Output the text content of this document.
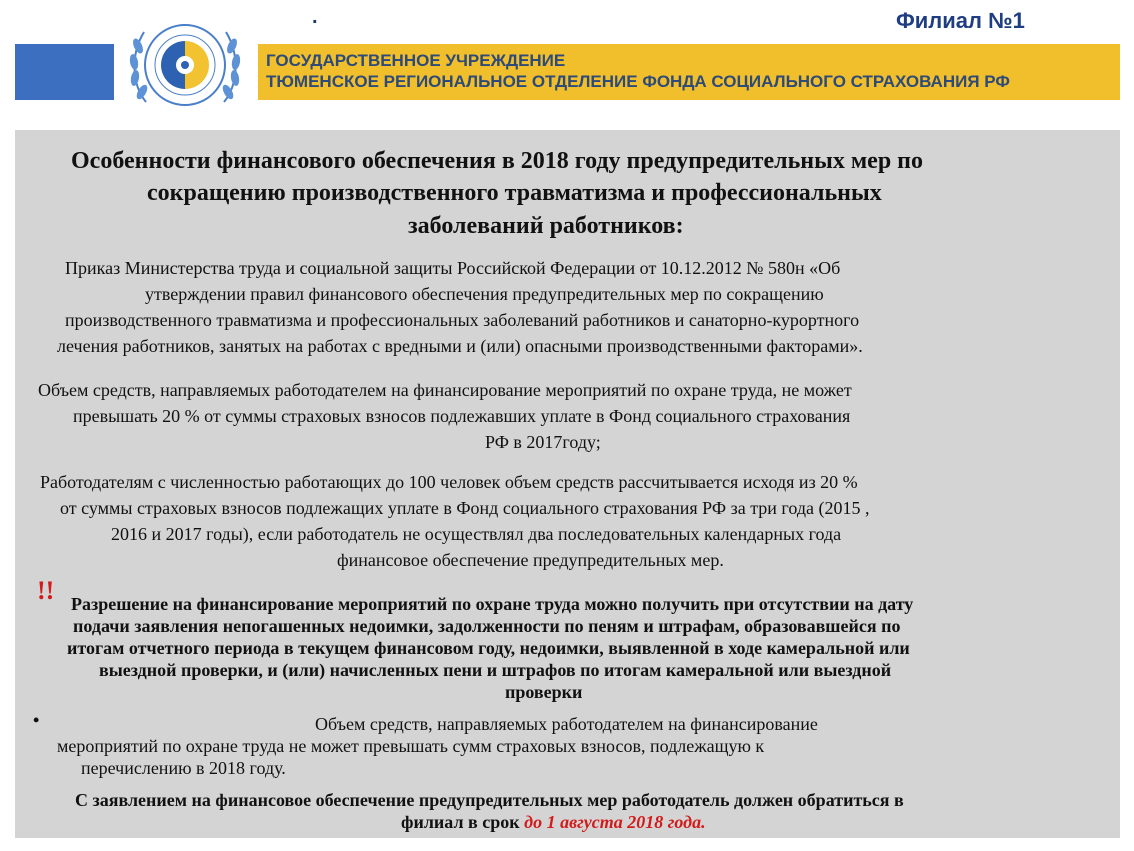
.	Филиал №1
ГОСУДАРСТВЕННОЕ УЧРЕЖДЕНИЕ
ТЮМЕНСКОЕ РЕГИОНАЛЬНОЕ ОТДЕЛЕНИЕ ФОНДА СОЦИАЛЬНОГО СТРАХОВАНИЯ РФ

Особенности финансового обеспечения в 2018 году предупредительных мер по

сокращению производственного травматизма и профессиональных

заболеваний работников:

Приказ Министерства труда и социальной защиты Российской Федерации от 10.12.2012 № 580н «Об

утверждении правил финансового обеспечения предупредительных мер по сокращению

производственного травматизма и профессиональных заболеваний работников и санаторно-курортного

лечения работников, занятых на работах с вредными и (или) опасными производственными факторами».

Объем средств, направляемых работодателем на финансирование мероприятий по охране труда, не может

превышать 20 % от суммы страховых взносов подлежавших уплате в Фонд социального страхования

РФ в 2017году;

Работодателям с численностью работающих до 100 человек объем средств рассчитывается исходя из 20 %

от суммы страховых взносов подлежащих уплате в Фонд социального страхования РФ за три года (2015 ,

2016 и 2017 годы), если работодатель не осуществлял два последовательных календарных года

финансовое обеспечение предупредительных мер.

!! Разрешение на финансирование мероприятий по охране труда можно получить при отсутствии на дату

подачи заявления непогашенных недоимки, задолженности по пеням и штрафам, образовавшейся по

итогам отчетного периода в текущем финансовом году, недоимки, выявленной в ходе камеральной или

выездной проверки, и (или) начисленных пени и штрафов по итогам камеральной или выездной

проверки

•	Объем средств, направляемых работодателем на финансирование

мероприятий по охране труда не может превышать сумм страховых взносов, подлежащую к

перечислению в 2018 году.

С заявлением на финансовое обеспечение предупредительных мер работодатель должен обратиться в

филиал в срок до 1 августа 2018 года.
